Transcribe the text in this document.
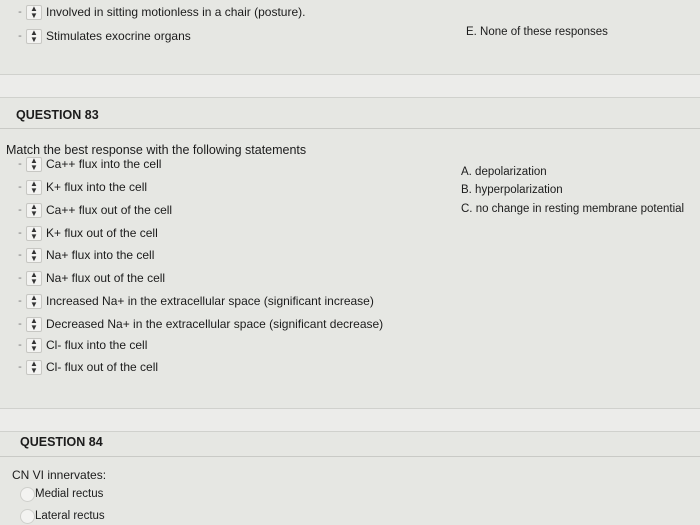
-	▲
▼ Involved in sitting motionless in a chair (posture).
-	▲
▼ Stimulates exocrine organs	E. None of these responses
QUESTION 83
Match the best response with the following statements
-	▲
▼ Ca++ flux into the cell
-	▲
▼ K+ flux into the cell
-	▲
▼ Ca++ flux out of the cell
-	▲
▼ K+ flux out of the cell
-	▲
▼ Na+ flux into the cell
-	▲
▼ Na+ flux out of the cell
-	▲
▼ Increased Na+ in the extracellular space (significant increase)
-	▲
▼ Decreased Na+ in the extracellular space (significant decrease)
-	▲
▼ Cl- flux into the cell
-	▲
▼ Cl- flux out of the cell
A. depolarization
B. hyperpolarization
C. no change in resting membrane potential
QUESTION 84
CN VI innervates:
Medial rectus
Lateral rectus
